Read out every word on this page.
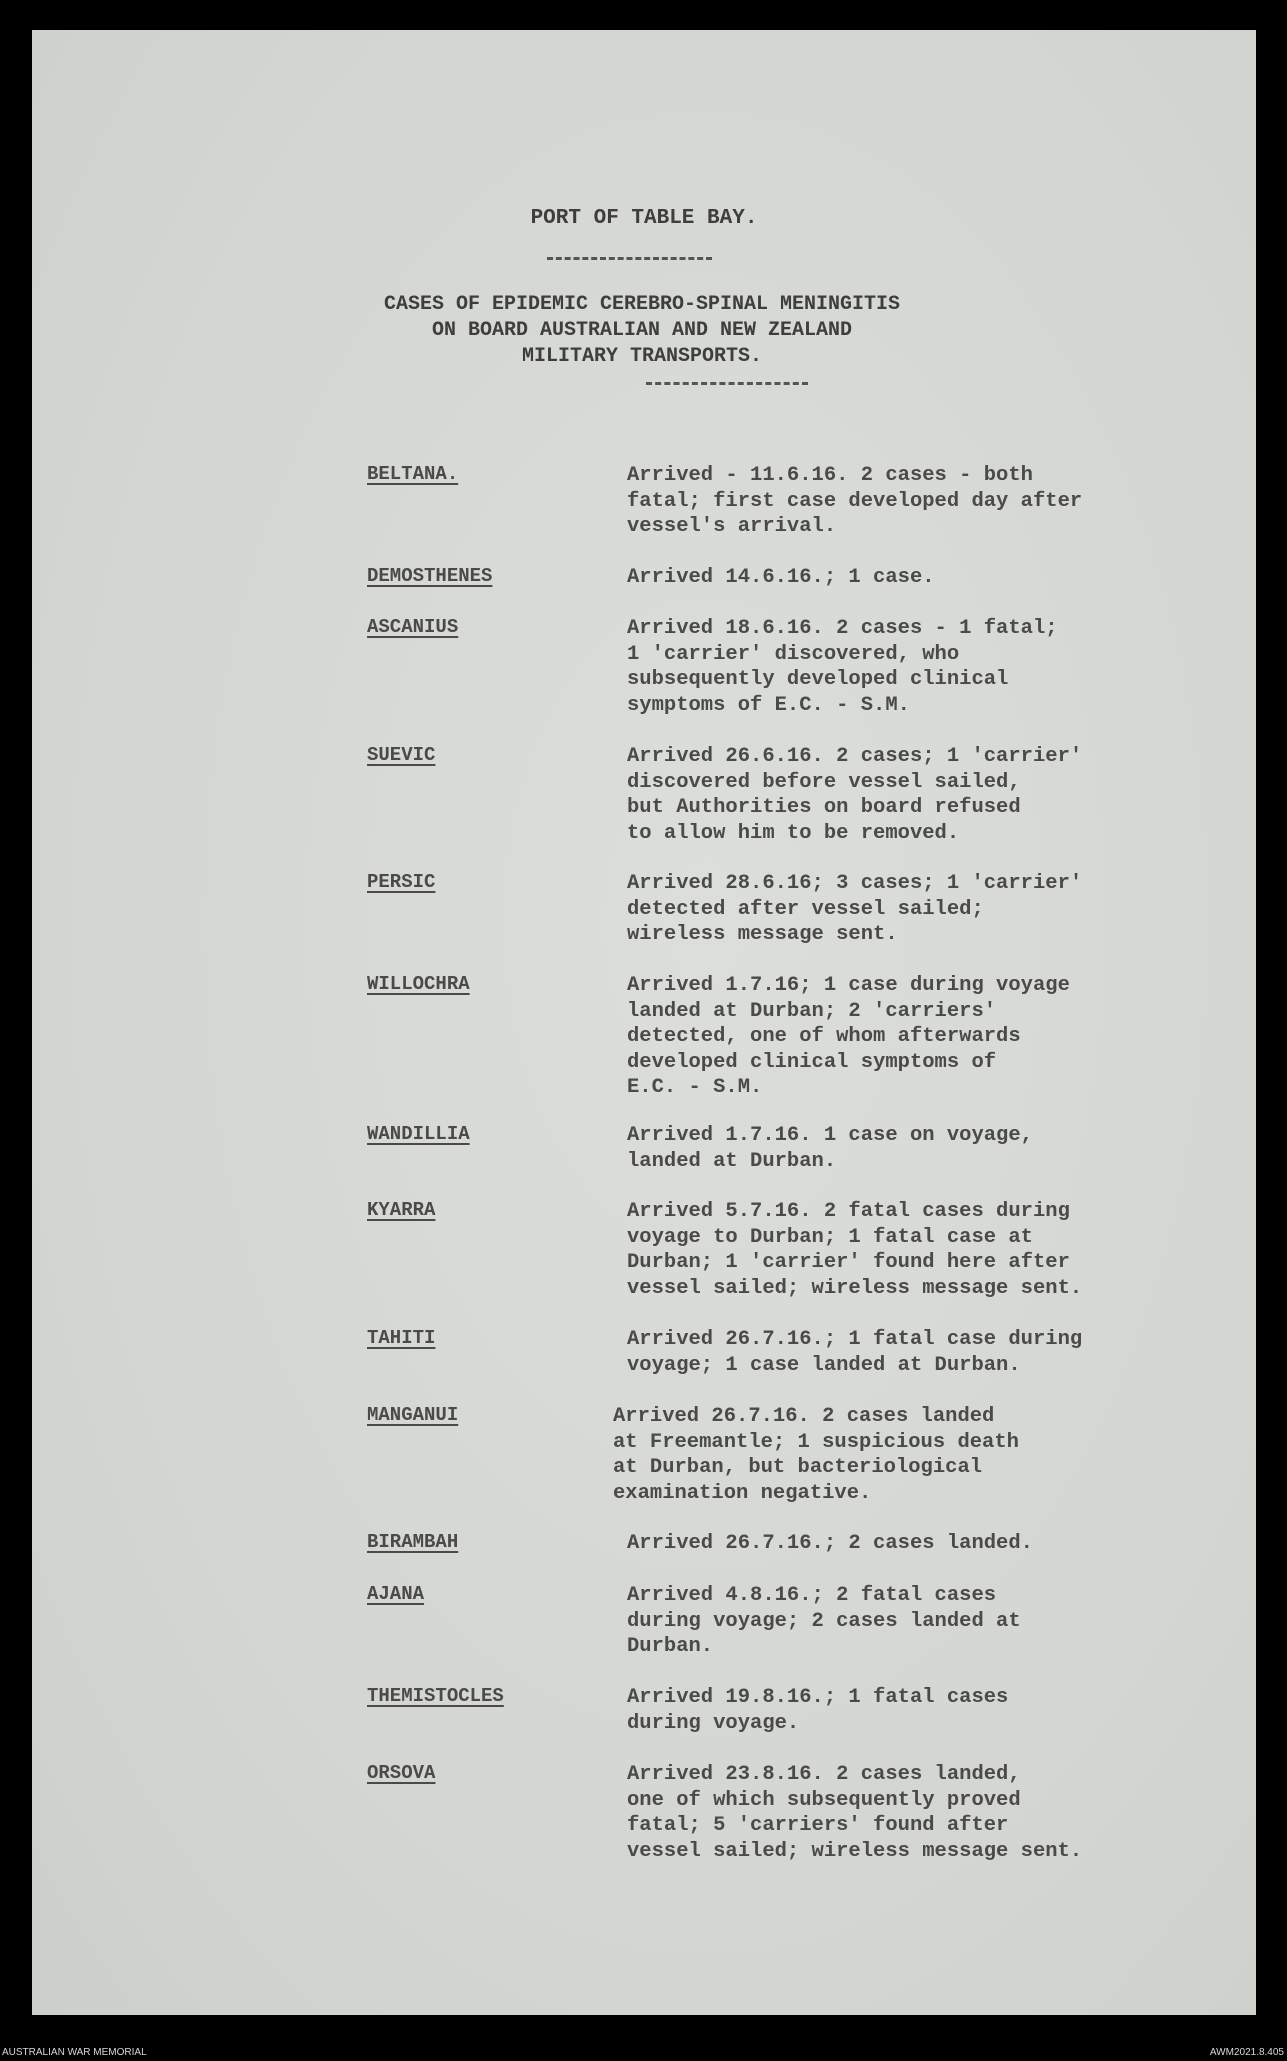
PORT OF TABLE BAY.
CASES OF EPIDEMIC CEREBRO-SPINAL MENINGITIS
ON BOARD AUSTRALIAN AND NEW ZEALAND
MILITARY TRANSPORTS.
BELTANA.	Arrived - 11.6.16. 2 cases - both
fatal; first case developed day after
vessel's arrival.
DEMOSTHENES	Arrived 14.6.16.; 1 case.
ASCANIUS	Arrived 18.6.16. 2 cases - 1 fatal;
1 'carrier' discovered, who
subsequently developed clinical
symptoms of E.C. - S.M.
SUEVIC	Arrived 26.6.16. 2 cases; 1 'carrier'
discovered before vessel sailed,
but Authorities on board refused
to allow him to be removed.
PERSIC	Arrived 28.6.16; 3 cases; 1 'carrier'
detected after vessel sailed;
wireless message sent.
WILLOCHRA	Arrived 1.7.16; 1 case during voyage
landed at Durban; 2 'carriers'
detected, one of whom afterwards
developed clinical symptoms of
E.C. - S.M.
WANDILLIA	Arrived 1.7.16. 1 case on voyage,
landed at Durban.
KYARRA	Arrived 5.7.16. 2 fatal cases during
voyage to Durban; 1 fatal case at
Durban; 1 'carrier' found here after
vessel sailed; wireless message sent.
TAHITI	Arrived 26.7.16.; 1 fatal case during
voyage; 1 case landed at Durban.
MANGANUI	Arrived 26.7.16. 2 cases landed
at Freemantle; 1 suspicious death
at Durban, but bacteriological
examination negative.
BIRAMBAH	Arrived 26.7.16.; 2 cases landed.
AJANA	Arrived 4.8.16.; 2 fatal cases
during voyage; 2 cases landed at
Durban.
THEMISTOCLES	Arrived 19.8.16.; 1 fatal cases
during voyage.
ORSOVA	Arrived 23.8.16. 2 cases landed,
one of which subsequently proved
fatal; 5 'carriers' found after
vessel sailed; wireless message sent.
AUSTRALIAN WAR MEMORIAL	AWM2021.8.405
